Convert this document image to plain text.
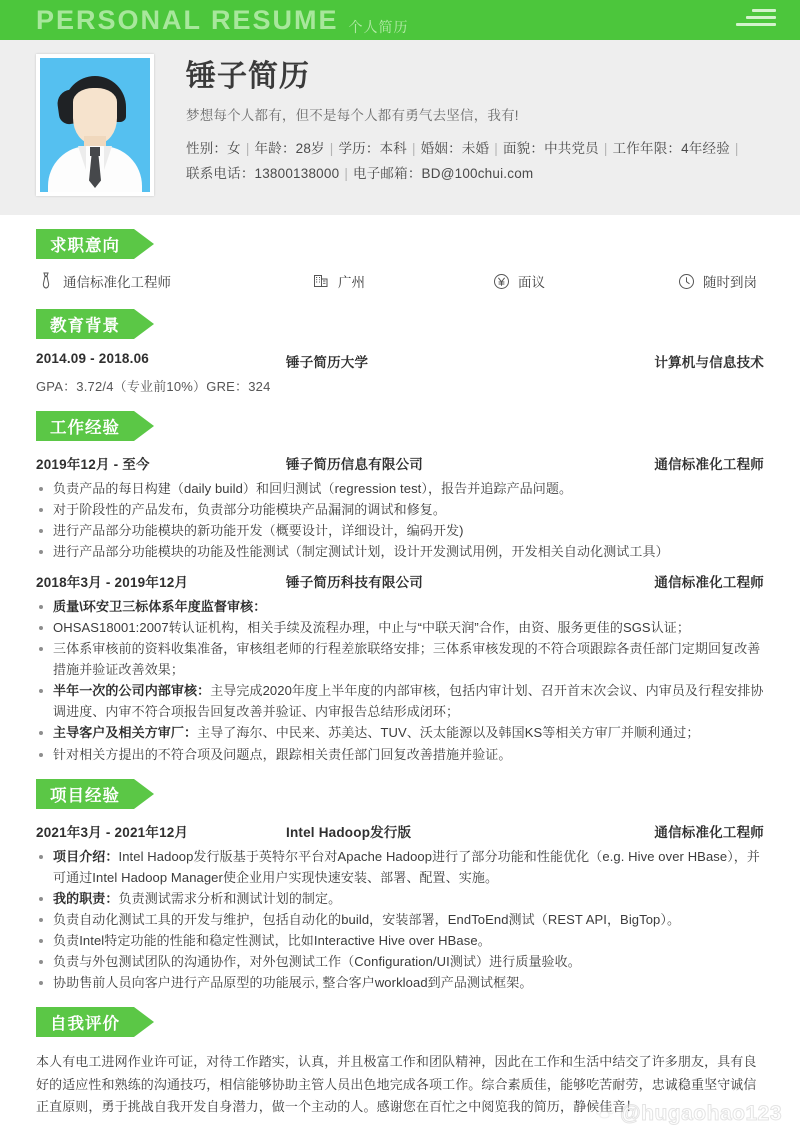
PERSONAL RESUME 个人简历
锤子简历
梦想每个人都有，但不是每个人都有勇气去坚信，我有!
性别：女 | 年龄：28岁 | 学历：本科 | 婚姻：未婚 | 面貌：中共党员 | 工作年限：4年经验 |
联系电话：13800138000 | 电子邮箱：BD@100chui.com
求职意向
通信标准化工程师	广州	面议	随时到岗
教育背景
2014.09 - 2018.06	锤子简历大学	计算机与信息技术
GPA：3.72/4（专业前10%）GRE：324
工作经验
2019年12月 - 至今	锤子简历信息有限公司	通信标准化工程师
负责产品的每日构建（daily build）和回归测试（regression test），报告并追踪产品问题。
对于阶段性的产品发布，负责部分功能模块产品漏洞的调试和修复。
进行产品部分功能模块的新功能开发（概要设计，详细设计，编码开发)
进行产品部分功能模块的功能及性能测试（制定测试计划，设计开发测试用例，开发相关自动化测试工具）
2018年3月 - 2019年12月	锤子简历科技有限公司	通信标准化工程师
质量\环安卫三标体系年度监督审核：
OHSAS18001:2007转认证机构，相关手续及流程办理，中止与“中联天润”合作，由资、服务更佳的SGS认证；
三体系审核前的资料收集准备，审核组老师的行程差旅联络安排；三体系审核发现的不符合项跟踪各责任部门定期回复改善措施并验证改善效果；
半年一次的公司内部审核：主导完成2020年度上半年度的内部审核，包括内审计划、召开首末次会议、内审员及行程安排协调进度、内审不符合项报告回复改善并验证、内审报告总结形成闭环；
主导客户及相关方审厂：主导了海尔、中民来、苏美达、TUV、沃太能源以及韩国KS等相关方审厂并顺利通过；
针对相关方提出的不符合项及问题点，跟踪相关责任部门回复改善措施并验证。
项目经验
2021年3月 - 2021年12月	Intel Hadoop发行版	通信标准化工程师
项目介绍：Intel Hadoop发行版基于英特尔平台对Apache Hadoop进行了部分功能和性能优化（e.g. Hive over HBase），并可通过Intel Hadoop Manager使企业用户实现快速安装、部署、配置、实施。
我的职责：负责测试需求分析和测试计划的制定。
负责自动化测试工具的开发与维护，包括自动化的build，安装部署，EndToEnd测试（REST API，BigTop）。
负责Intel特定功能的性能和稳定性测试，比如Interactive Hive over HBase。
负责与外包测试团队的沟通协作，对外包测试工作（Configuration/UI测试）进行质量验收。
协助售前人员向客户进行产品原型的功能展示, 整合客户workload到产品测试框架。
自我评价
本人有电工进网作业许可证，对待工作踏实，认真，并且极富工作和团队精神，因此在工作和生活中结交了许多朋友，具有良好的适应性和熟练的沟通技巧，相信能够协助主管人员出色地完成各项工作。综合素质佳，能够吃苦耐劳，忠诚稳重坚守诚信正直原则，勇于挑战自我开发自身潜力，做一个主动的人。感谢您在百忙之中阅览我的简历，静候佳音！
@hugaohao123
